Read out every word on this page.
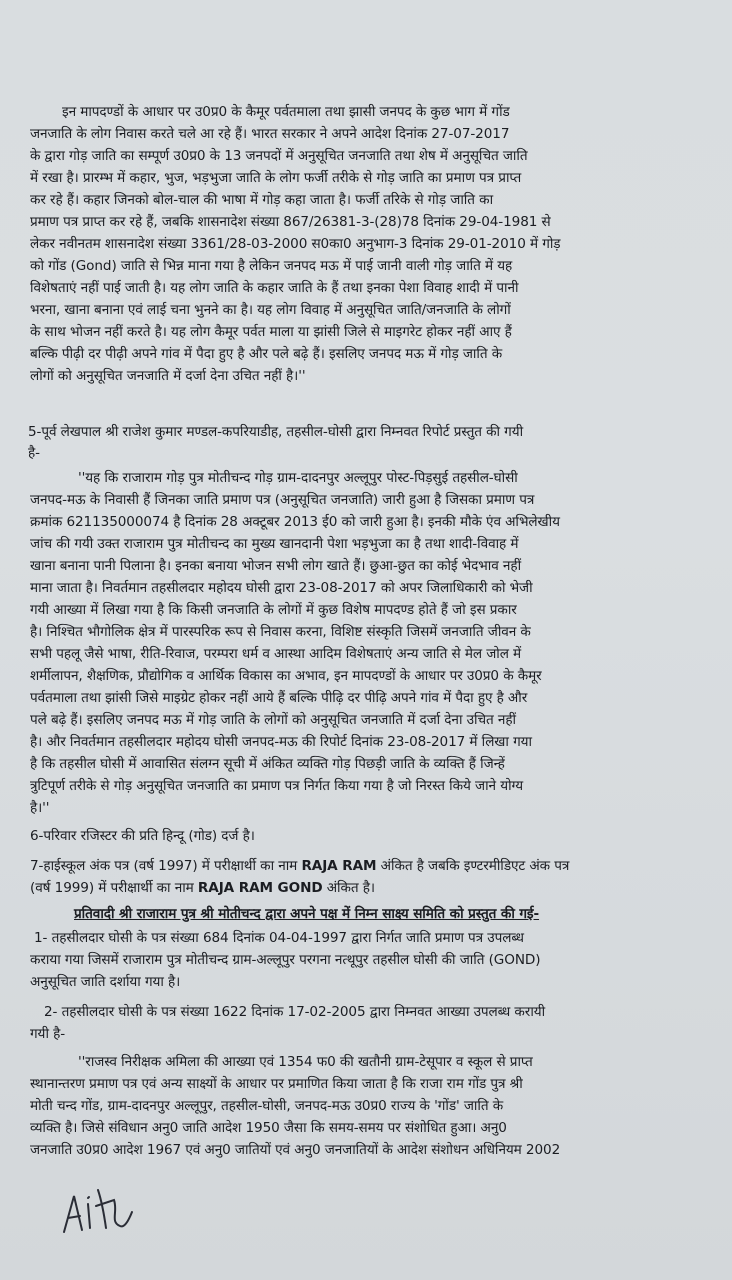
इन मापदण्डों के आधार पर उ0प्र0 के कैमूर पर्वतमाला तथा झासी जनपद के कुछ भाग में गोंड
जनजाति के लोग निवास करते चले आ रहे हैं। भारत सरकार ने अपने आदेश दिनांक 27-07-2017
के द्वारा गोड़ जाति का सम्पूर्ण उ0प्र0 के 13 जनपदों में अनुसूचित जनजाति तथा शेष में अनुसूचित जाति
में रखा है। प्रारम्भ में कहार, भुज, भड़भुजा जाति के लोग फर्जी तरीके से गोड़ जाति का प्रमाण पत्र प्राप्त
कर रहे हैं। कहार जिनको बोल-चाल की भाषा में गोड़ कहा जाता है। फर्जी तरिके से गोड़ जाति का
प्रमाण पत्र प्राप्त कर रहे हैं, जबकि शासनादेश संख्या 867/26381-3-(28)78 दिनांक 29-04-1981 से
लेकर नवीनतम शासनादेश संख्या 3361/28-03-2000 स0का0 अनुभाग-3 दिनांक 29-01-2010 में गोड़
को गोंड (Gond) जाति से भिन्न माना गया है लेकिन जनपद मऊ में पाई जानी वाली गोड़ जाति में यह
विशेषताएं नहीं पाई जाती है। यह लोग जाति के कहार जाति के हैं तथा इनका पेशा विवाह शादी में पानी
भरना, खाना बनाना एवं लाई चना भुनने का है। यह लोग विवाह में अनुसूचित जाति/जनजाति के लोगों
के साथ भोजन नहीं करते है। यह लोग कैमूर पर्वत माला या झांसी जिले से माइगरेट होकर नहीं आए हैं
बल्कि पीढ़ी दर पीढ़ी अपने गांव में पैदा हुए है और पले बढ़े हैं। इसलिए जनपद मऊ में गोड़ जाति के
लोगों को अनुसूचित जनजाति में दर्जा देना उचित नहीं है।''
5-पूर्व लेखपाल श्री राजेश कुमार मण्डल-कपरियाडीह, तहसील-घोसी द्वारा निम्नवत रिपोर्ट प्रस्तुत की गयी
है-
''यह कि राजाराम गोड़ पुत्र मोतीचन्द गोड़ ग्राम-दादनपुर अल्लूपुर पोस्ट-पिड़सुई तहसील-घोसी
जनपद-मऊ के निवासी हैं जिनका जाति प्रमाण पत्र (अनुसूचित जनजाति) जारी हुआ है जिसका प्रमाण पत्र
क्रमांक 621135000074 है दिनांक 28 अक्टूबर 2013 ई0 को जारी हुआ है। इनकी मौके एंव अभिलेखीय
जांच की गयी उक्त राजाराम पुत्र मोतीचन्द का मुख्य खानदानी पेशा भड़भुजा का है तथा शादी-विवाह में
खाना बनाना पानी पिलाना है। इनका बनाया भोजन सभी लोग खाते हैं। छुआ-छुत का कोई भेदभाव नहीं
माना जाता है। निवर्तमान तहसीलदार महोदय घोसी द्वारा 23-08-2017 को अपर जिलाधिकारी को भेजी
गयी आख्या में लिखा गया है कि किसी जनजाति के लोगों में कुछ विशेष मापदण्ड होते हैं जो इस प्रकार
है। निश्चित भौगोलिक क्षेत्र में पारस्परिक रूप से निवास करना, विशिष्ट संस्कृति जिसमें जनजाति जीवन के
सभी पहलू जैसे भाषा, रीति-रिवाज, परम्परा धर्म व आस्था आदिम विशेषताएं अन्य जाति से मेल जोल में
शर्मीलापन, शैक्षणिक, प्रौद्योगिक व आर्थिक विकास का अभाव, इन मापदण्डों के आधार पर उ0प्र0 के कैमूर
पर्वतमाला तथा झांसी जिसे माइग्रेट होकर नहीं आये हैं बल्कि पीढ़ि दर पीढ़ि अपने गांव में पैदा हुए है और
पले बढ़े हैं। इसलिए जनपद मऊ में गोड़ जाति के लोगों को अनुसूचित जनजाति में दर्जा देना उचित नहीं
है। और निवर्तमान तहसीलदार महोदय घोसी जनपद-मऊ की रिपोर्ट दिनांक 23-08-2017 में लिखा गया
है कि तहसील घोसी में आवासित संलग्न सूची में अंकित व्यक्ति गोड़ पिछड़ी जाति के व्यक्ति हैं जिन्हें
त्रुटिपूर्ण तरीके से गोड़ अनुसूचित जनजाति का प्रमाण पत्र निर्गत किया गया है जो निरस्त किये जाने योग्य
है।''
6-परिवार रजिस्टर की प्रति हिन्दू (गोड) दर्ज है।
7-हाईस्कूल अंक पत्र (वर्ष 1997) में परीक्षार्थी का नाम RAJA RAM अंकित है जबकि इण्टरमीडिएट अंक पत्र
(वर्ष 1999) में परीक्षार्थी का नाम RAJA RAM GOND अंकित है।
प्रतिवादी श्री राजाराम पुत्र श्री मोतीचन्द द्वारा अपने पक्ष में निम्न साक्ष्य समिति को प्रस्तुत की गई-
1- तहसीलदार घोसी के पत्र संख्या 684 दिनांक 04-04-1997 द्वारा निर्गत जाति प्रमाण पत्र उपलब्ध
कराया गया जिसमें राजाराम पुत्र मोतीचन्द ग्राम-अल्लूपुर परगना नत्थूपुर तहसील घोसी की जाति (GOND)
अनुसूचित जाति दर्शाया गया है।
2- तहसीलदार घोसी के पत्र संख्या 1622 दिनांक 17-02-2005 द्वारा निम्नवत आख्या उपलब्ध करायी
गयी है-
''राजस्व निरीक्षक अमिला की आख्या एवं 1354 फ0 की खतौनी ग्राम-टेसूपार व स्कूल से प्राप्त
स्थानान्तरण प्रमाण पत्र एवं अन्य साक्ष्यों के आधार पर प्रमाणित किया जाता है कि राजा राम गोंड पुत्र श्री
मोती चन्द गोंड, ग्राम-दादनपुर अल्लूपुर, तहसील-घोसी, जनपद-मऊ उ0प्र0 राज्य के 'गोंड' जाति के
व्यक्ति है। जिसे संविधान अनु0 जाति आदेश 1950 जैसा कि समय-समय पर संशोधित हुआ। अनु0
जनजाति उ0प्र0 आदेश 1967 एवं अनु0 जातियों एवं अनु0 जनजातियों के आदेश संशोधन अधिनियम 2002
